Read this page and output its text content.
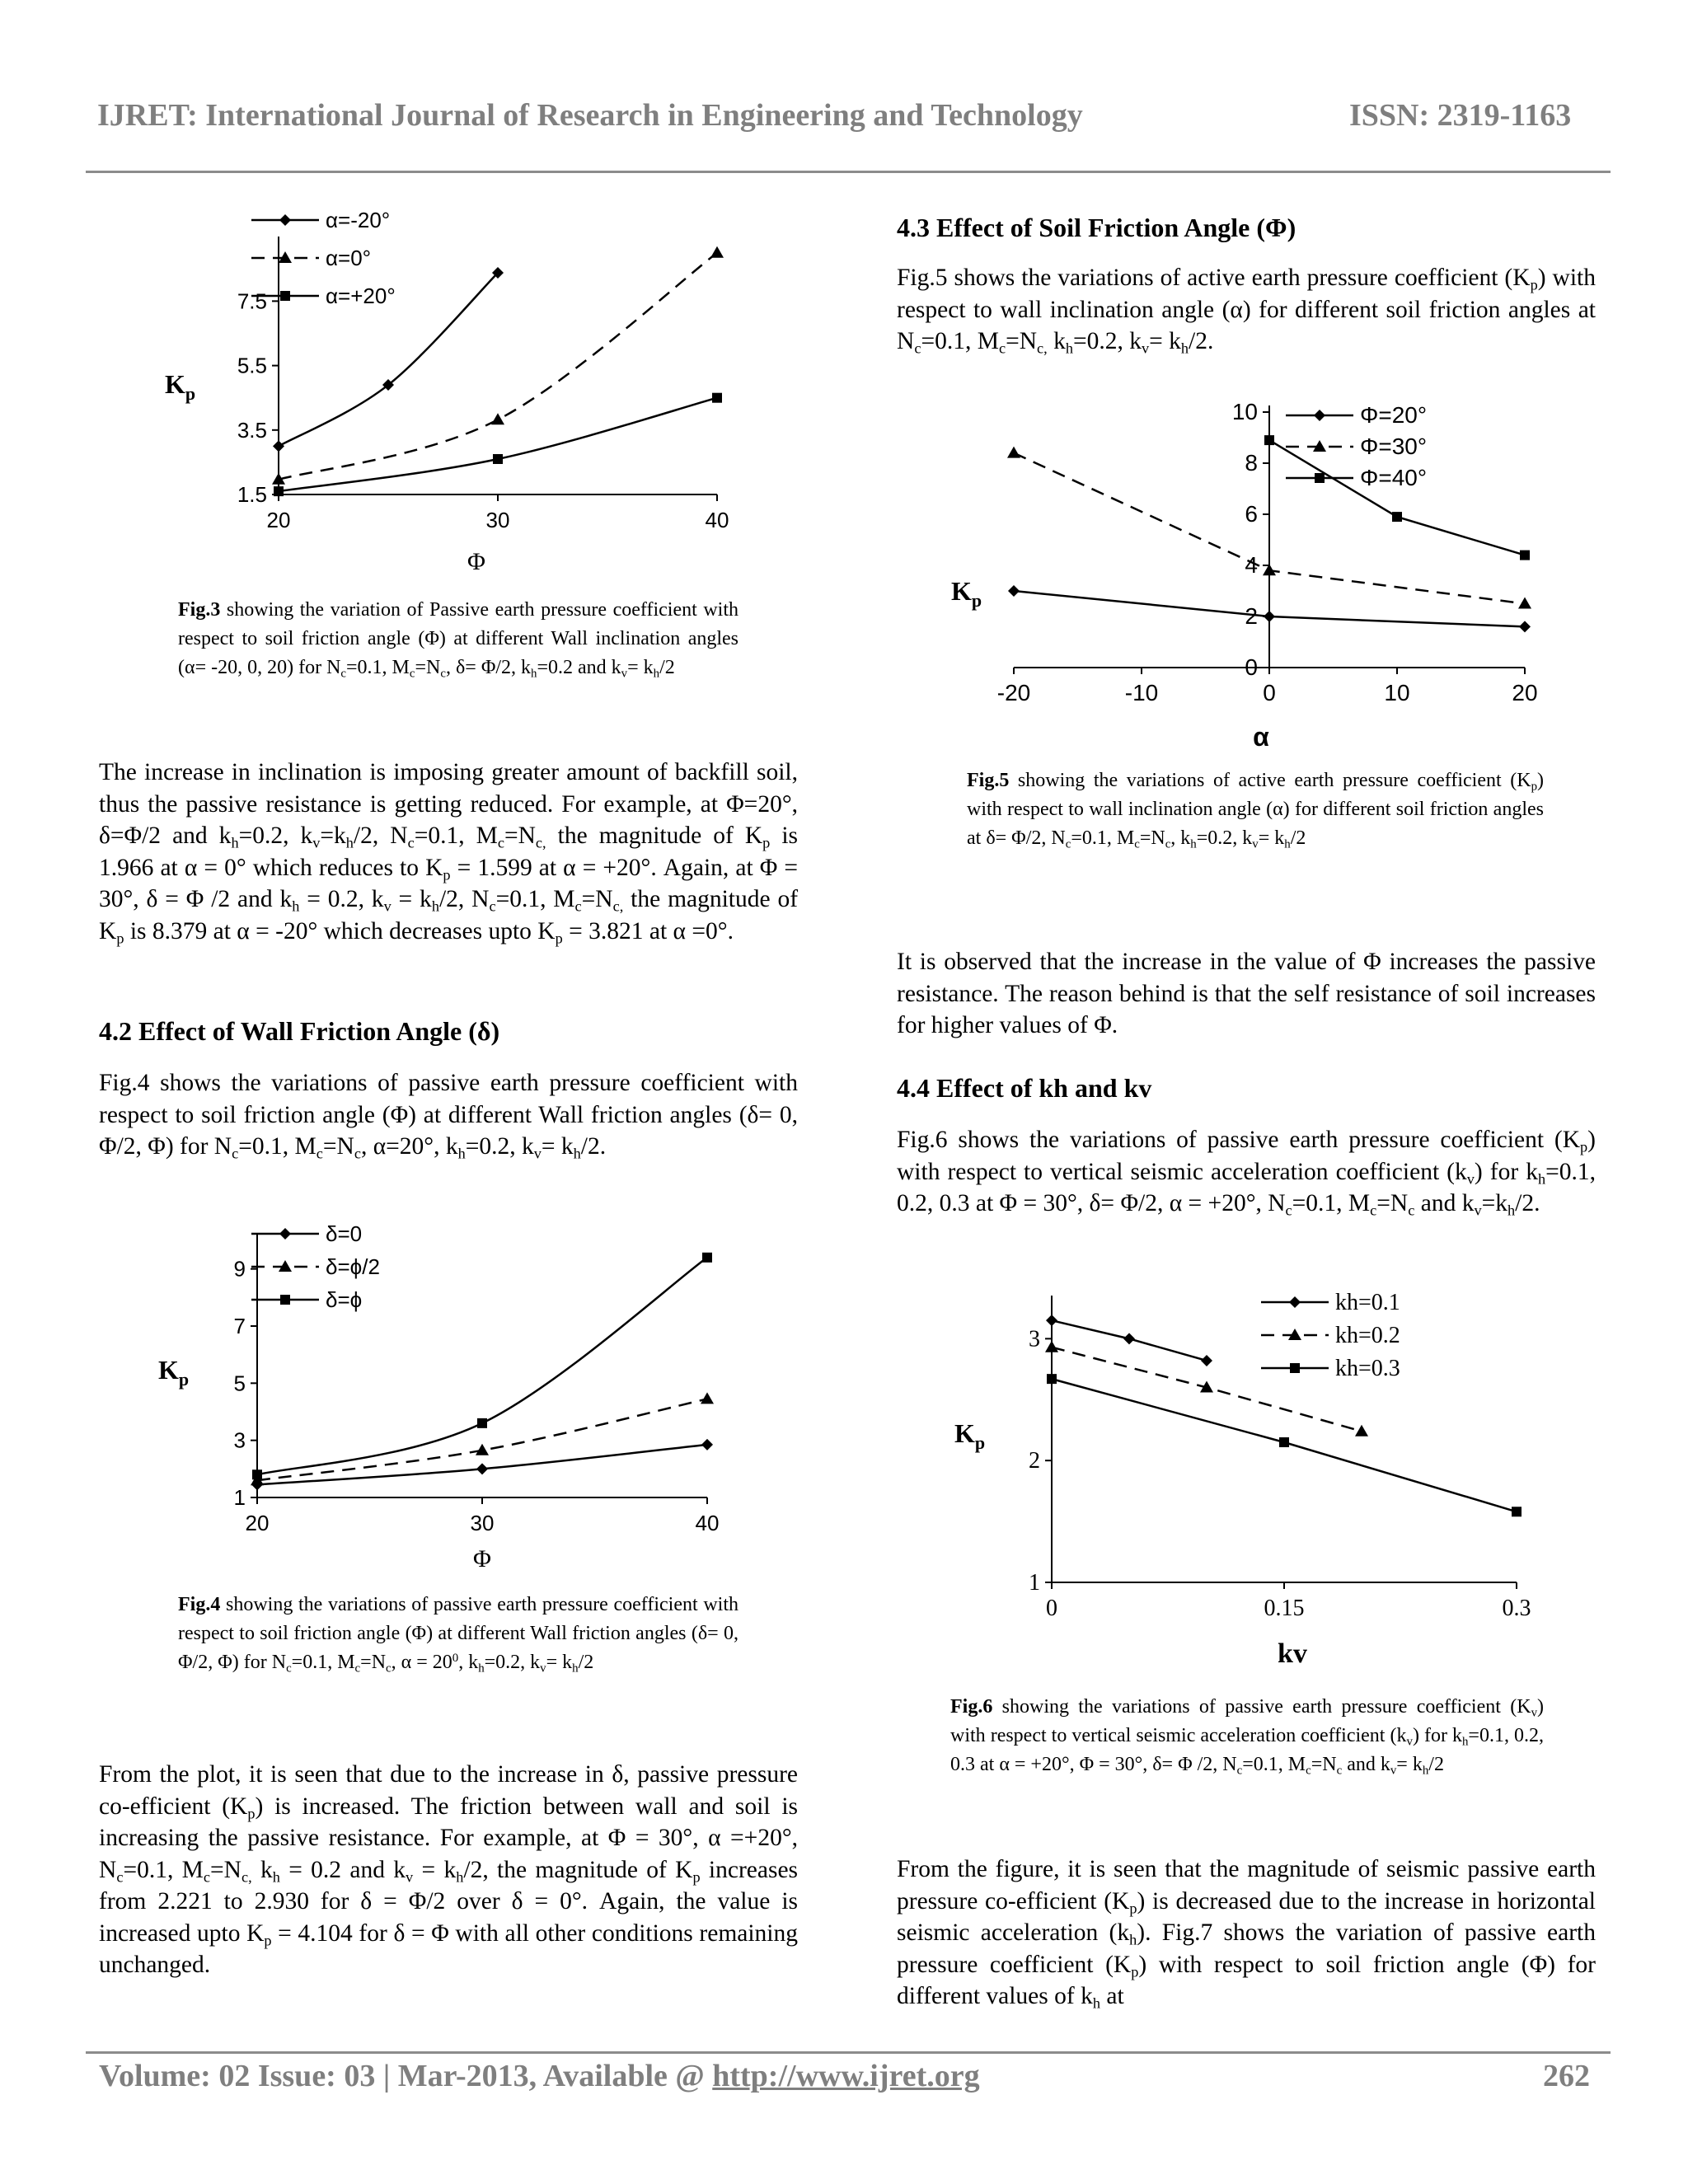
IJRET: International Journal of Research in Engineering and Technology	ISSN: 2319-1163
1.5
3.5
5.5
7.5
20	30	40
α=-20°
α=0°
α=+20°
$K_p$
Φ
Fig.3 showing the variation of Passive earth pressure coefficient with respect to soil friction angle (Φ) at different Wall inclination angles (α= -20, 0, 20) for $N_c=0.1$, $M_c=N_c$, δ= Φ/2, $k_h=0.2$ and $k_v= k_h/2$
The increase in inclination is imposing greater amount of backfill soil, thus the passive resistance is getting reduced. For example, at Φ=20°, δ=Φ/2 and $k_h=0.2$, $k_v=k_h/2$, $N_c=0.1$, $M_c=N_{c,}$ the magnitude of $K_p$ is 1.966 at α = 0° which reduces to $K_p = 1.599$ at α = +20°. Again, at Φ = 30°, δ = Φ /2 and $k_h = 0.2$, $k_v = k_h/2$, $N_c=0.1$, $M_c=N_{c,}$ the magnitude of $K_p$ is 8.379 at α = -20° which decreases upto $K_p = 3.821$ at α =0°.
4.2 Effect of Wall Friction Angle (δ)
Fig.4 shows the variations of passive earth pressure coefficient with respect to soil friction angle (Φ) at different Wall friction angles (δ= 0, Φ/2, Φ) for $N_c=0.1$, $M_c=N_c$, α=20°, $k_h=0.2$, $k_v= k_h/2$.
1
3
5
7
9
20	30	40
δ=0
δ=ϕ/2
δ=ϕ
$K_p$
Φ
Fig.4 showing the variations of passive earth pressure coefficient with respect to soil friction angle (Φ) at different Wall friction angles (δ= 0, Φ/2, Φ) for $N_c=0.1$, $M_c=N_c$, $\alpha = 20^0$, $k_h=0.2$, $k_v= k_h/2$
From the plot, it is seen that due to the increase in δ, passive pressure co-efficient $(K_p)$ is increased. The friction between wall and soil is increasing the passive resistance. For example, at Φ = 30°, α =+20°, $N_c=0.1$, $M_c=N_{c,}$ $k_h = 0.2$ and $k_v = k_h/2$, the magnitude of $K_p$ increases from 2.221 to 2.930 for δ = Φ/2 over δ = 0°. Again, the value is increased upto $K_p = 4.104$ for δ = Φ with all other conditions remaining unchanged.
4.3 Effect of Soil Friction Angle (Φ)
Fig.5 shows the variations of active earth pressure coefficient $(K_p)$ with respect to wall inclination angle (α) for different soil friction angles at $N_c=0.1$, $M_c=N_{c,}$ $k_h=0.2$, $k_v= k_h/2$.
0
2
4
6
8
10
-20	-10	0	10	20
Φ=20°
Φ=30°
Φ=40°
$K_p$
α
Fig.5 showing the variations of active earth pressure coefficient $(K_p)$ with respect to wall inclination angle (α) for different soil friction angles at δ= Φ/2, $N_c=0.1$, $M_c=N_c$, $k_h=0.2$, $k_v= k_h/2$
It is observed that the increase in the value of Φ increases the passive resistance. The reason behind is that the self resistance of soil increases for higher values of Φ.
4.4 Effect of kh and kv
Fig.6 shows the variations of passive earth pressure coefficient $(K_p)$ with respect to vertical seismic acceleration coefficient $(k_v)$ for $k_h=0.1$, 0.2, 0.3 at Φ = 30°, δ= Φ/2, α = +20°, $N_c=0.1$, $M_c=N_c$ and $k_v=k_h/2$.
1
2
3
0	0.15	0.3
kh=0.1
kh=0.2
kh=0.3
$K_p$
kv
Fig.6 showing the variations of passive earth pressure coefficient $(K_v)$ with respect to vertical seismic acceleration coefficient $(k_v)$ for $k_h=0.1$, 0.2, 0.3 at α = +20°, Φ = 30°, δ= Φ /2, $N_c=0.1$, $M_c=N_c$ and $k_v= k_h/2$
From the figure, it is seen that the magnitude of seismic passive earth pressure co-efficient $(K_p)$ is decreased due to the increase in horizontal seismic acceleration $(k_h)$. Fig.7 shows the variation of passive earth pressure coefficient $(K_p)$ with respect to soil friction angle (Φ) for different values of $k_h$ at
Volume: 02 Issue: 03 | Mar-2013, Available @ http://www.ijret.org	262
